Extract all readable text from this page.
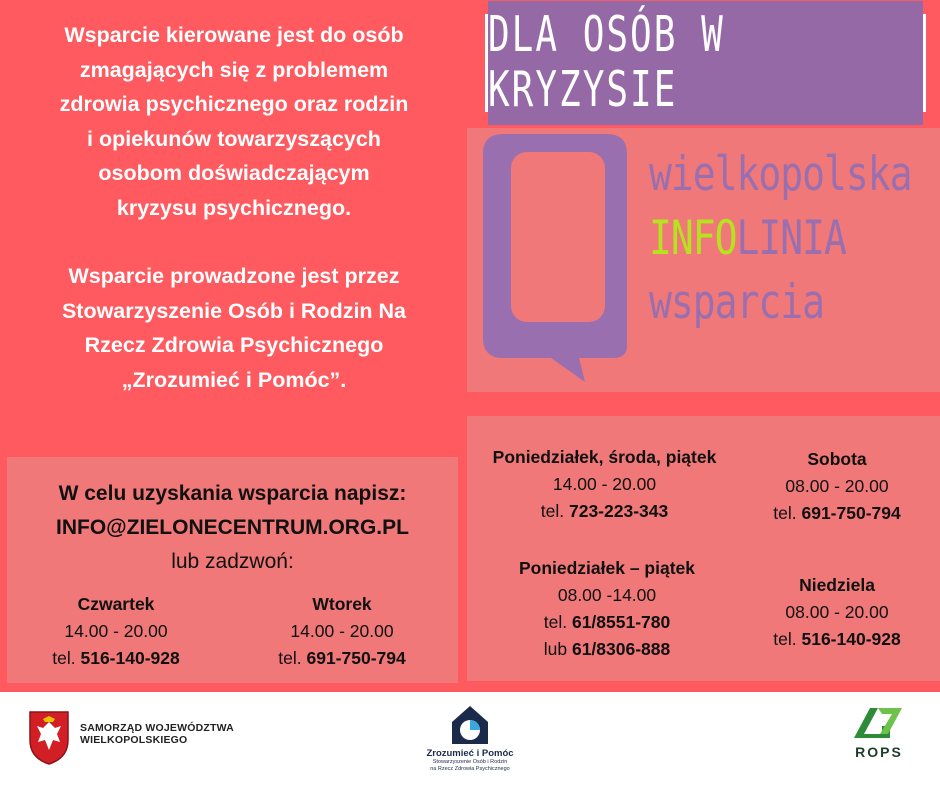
Wsparcie kierowane jest do osób

zmagających się z problemem

zdrowia psychicznego oraz rodzin

i opiekunów towarzyszących

osobom doświadczającym

kryzysu psychicznego.

Wsparcie prowadzone jest przez

Stowarzyszenie Osób i Rodzin Na

Rzecz Zdrowia Psychicznego

„Zrozumieć i Pomóc”.

DLA OSÓB W KRYZYSIE
wielkopolska
INFOLINIA
wsparcia
W celu uzyskania wsparcia napisz:
INFO@ZIELONECENTRUM.ORG.PL
lub zadzwoń:
Czwartek
14.00 - 20.00
tel. 516-140-928
Wtorek
14.00 - 20.00
tel. 691-750-794
Poniedziałek, środa, piątek
14.00 - 20.00
tel. 723-223-343
Sobota
08.00 - 20.00
tel. 691-750-794
Poniedziałek – piątek
08.00 -14.00
tel. 61/8551-780
lub 61/8306-888
Niedziela
08.00 - 20.00
tel. 516-140-928
SAMORZĄD WOJEWÓDZTWA
WIELKOPOLSKIEGO
Zrozumieć i Pomóc
Stowarzyszenie Osób i Rodzin
na Rzecz Zdrowia Psychicznego
ROPS
